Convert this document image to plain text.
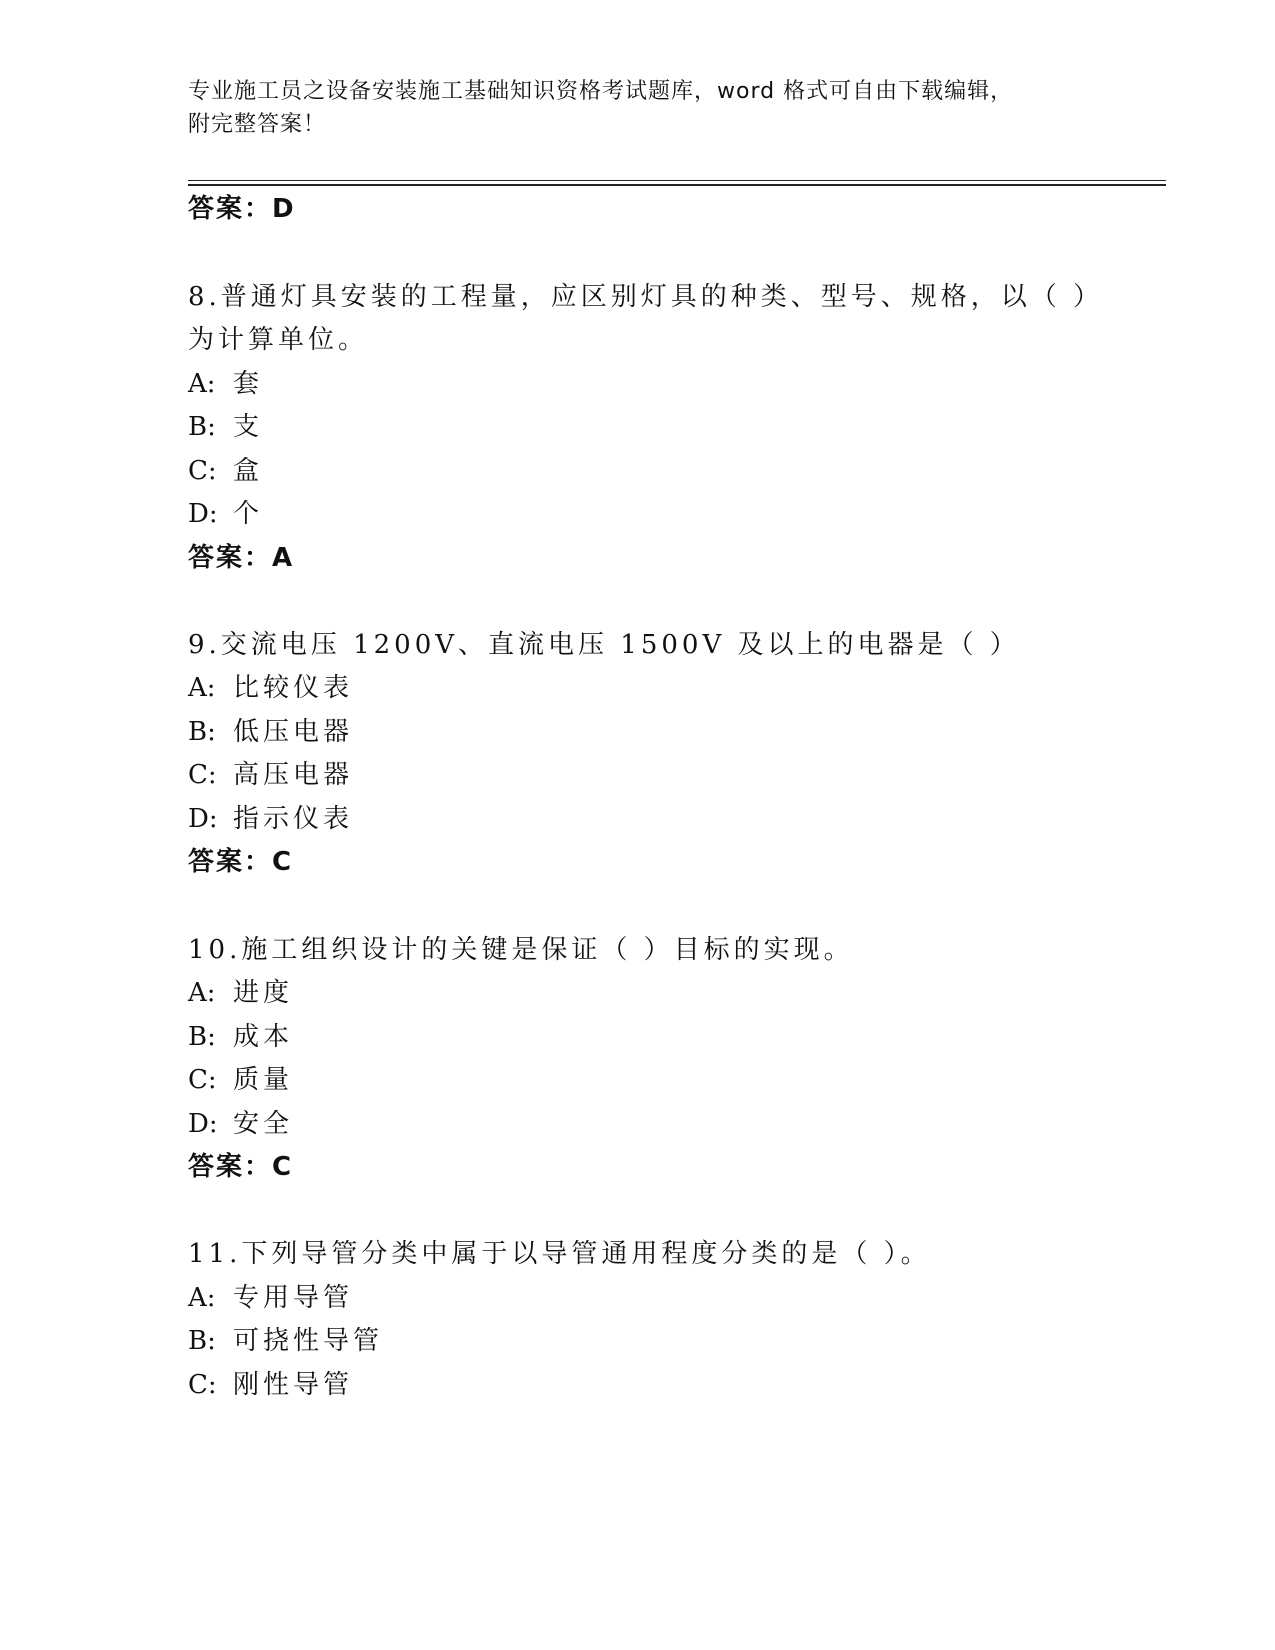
专业施工员之设备安装施工基础知识资格考试题库，word 格式可自由下载编辑，
附完整答案！
答案：D
8.普通灯具安装的工程量，应区别灯具的种类、型号、规格，以（ ）
为计算单位。
A: 套
B: 支
C: 盒
D: 个
答案：A
9.交流电压 1200V、直流电压 1500V 及以上的电器是（ ）
A: 比较仪表
B: 低压电器
C: 高压电器
D: 指示仪表
答案：C
10.施工组织设计的关键是保证（ ）目标的实现。
A: 进度
B: 成本
C: 质量
D: 安全
答案：C
11.下列导管分类中属于以导管通用程度分类的是（ ）。
A: 专用导管
B: 可挠性导管
C: 刚性导管
